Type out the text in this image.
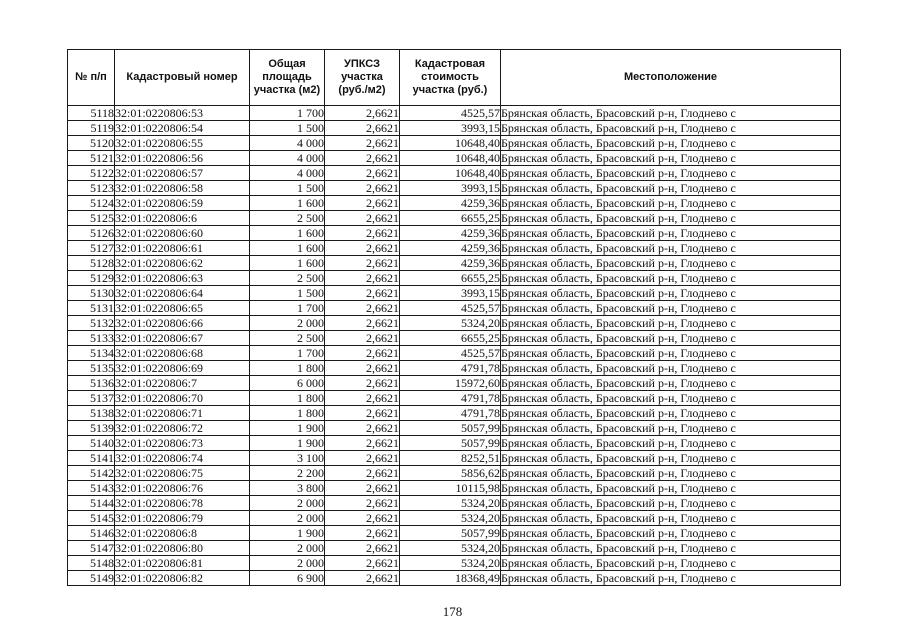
№ п/п	Кадастровый номер	Общая площадь участка (м2)	УПКСЗ участка (руб./м2)	Кадастровая стоимость участка (руб.)	Местоположение
5118	32:01:0220806:53	1 700	2,6621	4525,57	Брянская область, Брасовский р-н, Глоднево с
5119	32:01:0220806:54	1 500	2,6621	3993,15	Брянская область, Брасовский р-н, Глоднево с
5120	32:01:0220806:55	4 000	2,6621	10648,40	Брянская область, Брасовский р-н, Глоднево с
5121	32:01:0220806:56	4 000	2,6621	10648,40	Брянская область, Брасовский р-н, Глоднево с
5122	32:01:0220806:57	4 000	2,6621	10648,40	Брянская область, Брасовский р-н, Глоднево с
5123	32:01:0220806:58	1 500	2,6621	3993,15	Брянская область, Брасовский р-н, Глоднево с
5124	32:01:0220806:59	1 600	2,6621	4259,36	Брянская область, Брасовский р-н, Глоднево с
5125	32:01:0220806:6	2 500	2,6621	6655,25	Брянская область, Брасовский р-н, Глоднево с
5126	32:01:0220806:60	1 600	2,6621	4259,36	Брянская область, Брасовский р-н, Глоднево с
5127	32:01:0220806:61	1 600	2,6621	4259,36	Брянская область, Брасовский р-н, Глоднево с
5128	32:01:0220806:62	1 600	2,6621	4259,36	Брянская область, Брасовский р-н, Глоднево с
5129	32:01:0220806:63	2 500	2,6621	6655,25	Брянская область, Брасовский р-н, Глоднево с
5130	32:01:0220806:64	1 500	2,6621	3993,15	Брянская область, Брасовский р-н, Глоднево с
5131	32:01:0220806:65	1 700	2,6621	4525,57	Брянская область, Брасовский р-н, Глоднево с
5132	32:01:0220806:66	2 000	2,6621	5324,20	Брянская область, Брасовский р-н, Глоднево с
5133	32:01:0220806:67	2 500	2,6621	6655,25	Брянская область, Брасовский р-н, Глоднево с
5134	32:01:0220806:68	1 700	2,6621	4525,57	Брянская область, Брасовский р-н, Глоднево с
5135	32:01:0220806:69	1 800	2,6621	4791,78	Брянская область, Брасовский р-н, Глоднево с
5136	32:01:0220806:7	6 000	2,6621	15972,60	Брянская область, Брасовский р-н, Глоднево с
5137	32:01:0220806:70	1 800	2,6621	4791,78	Брянская область, Брасовский р-н, Глоднево с
5138	32:01:0220806:71	1 800	2,6621	4791,78	Брянская область, Брасовский р-н, Глоднево с
5139	32:01:0220806:72	1 900	2,6621	5057,99	Брянская область, Брасовский р-н, Глоднево с
5140	32:01:0220806:73	1 900	2,6621	5057,99	Брянская область, Брасовский р-н, Глоднево с
5141	32:01:0220806:74	3 100	2,6621	8252,51	Брянская область, Брасовский р-н, Глоднево с
5142	32:01:0220806:75	2 200	2,6621	5856,62	Брянская область, Брасовский р-н, Глоднево с
5143	32:01:0220806:76	3 800	2,6621	10115,98	Брянская область, Брасовский р-н, Глоднево с
5144	32:01:0220806:78	2 000	2,6621	5324,20	Брянская область, Брасовский р-н, Глоднево с
5145	32:01:0220806:79	2 000	2,6621	5324,20	Брянская область, Брасовский р-н, Глоднево с
5146	32:01:0220806:8	1 900	2,6621	5057,99	Брянская область, Брасовский р-н, Глоднево с
5147	32:01:0220806:80	2 000	2,6621	5324,20	Брянская область, Брасовский р-н, Глоднево с
5148	32:01:0220806:81	2 000	2,6621	5324,20	Брянская область, Брасовский р-н, Глоднево с
5149	32:01:0220806:82	6 900	2,6621	18368,49	Брянская область, Брасовский р-н, Глоднево с
178
